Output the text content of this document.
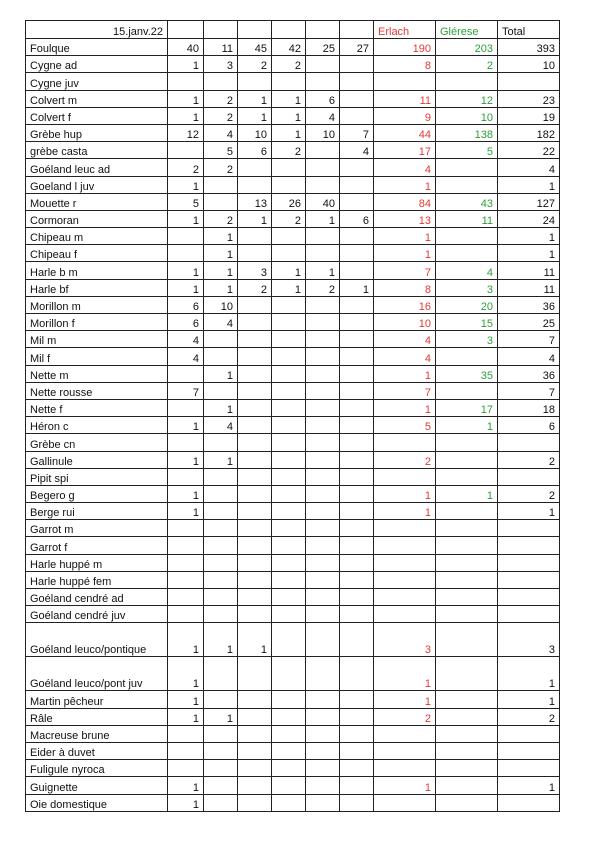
15.janv.22							Erlach	Glérese	Total
Foulque	40	11	45	42	25	27	190	203	393
Cygne ad	1	3	2	2			8	2	10
Cygne juv									
Colvert m	1	2	1	1	6		11	12	23
Colvert f	1	2	1	1	4		9	10	19
Grèbe hup	12	4	10	1	10	7	44	138	182
grèbe casta		5	6	2		4	17	5	22
Goéland leuc ad	2	2					4		4
Goeland l juv	1						1		1
Mouette r	5		13	26	40		84	43	127
Cormoran	1	2	1	2	1	6	13	11	24
Chipeau m		1					1		1
Chipeau f		1					1		1
Harle b m	1	1	3	1	1		7	4	11
Harle bf	1	1	2	1	2	1	8	3	11
Morillon m	6	10					16	20	36
Morillon f	6	4					10	15	25
Mil m	4						4	3	7
Mil f	4						4		4
Nette m		1					1	35	36
Nette rousse	7						7		7
Nette f		1					1	17	18
Héron c	1	4					5	1	6
Grèbe cn									
Gallinule	1	1					2		2
Pipit spi									
Begero g	1						1	1	2
Berge rui	1						1		1
Garrot m									
Garrot f									
Harle huppé m									
Harle huppé fem									
Goéland cendré ad									
Goéland cendré juv									
Goéland leuco/pontique	1	1	1				3		3
Goéland leuco/pont juv	1						1		1
Martin pêcheur	1						1		1
Râle	1	1					2		2
Macreuse brune									
Eider à duvet									
Fuligule nyroca									
Guignette	1						1		1
Oie domestique	1								
